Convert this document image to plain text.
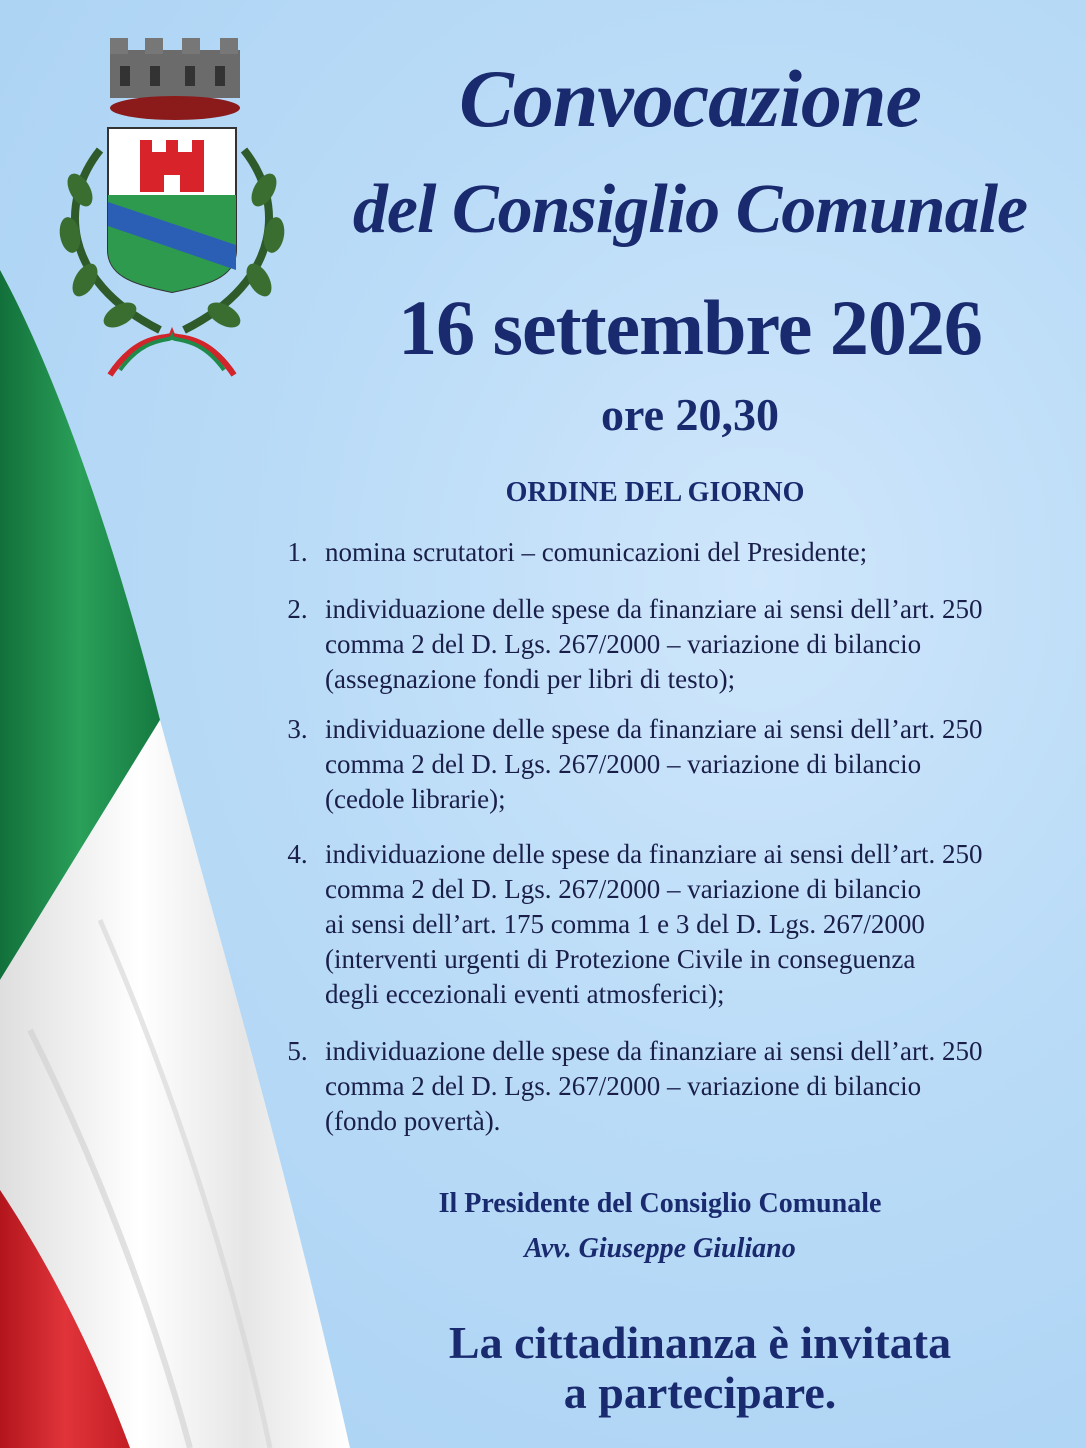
Convocazione
del Consiglio Comunale
16 settembre 2026
ore 20,30
ORDINE DEL GIORNO
1. nomina scrutatori – comunicazioni del Presidente;
2. individuazione delle spese da finanziare ai sensi dell’art. 250
comma 2 del D. Lgs. 267/2000 – variazione di bilancio
(assegnazione fondi per libri di testo);
3. individuazione delle spese da finanziare ai sensi dell’art. 250
comma 2 del D. Lgs. 267/2000 – variazione di bilancio
(cedole librarie);
4. individuazione delle spese da finanziare ai sensi dell’art. 250
comma 2 del D. Lgs. 267/2000 – variazione di bilancio
ai sensi dell’art. 175 comma 1 e 3 del D. Lgs. 267/2000
(interventi urgenti di Protezione Civile in conseguenza
degli eccezionali eventi atmosferici);
5. individuazione delle spese da finanziare ai sensi dell’art. 250
comma 2 del D. Lgs. 267/2000 – variazione di bilancio
(fondo povertà).
Il Presidente del Consiglio Comunale
Avv. Giuseppe Giuliano
La cittadinanza è invitata
a partecipare.
